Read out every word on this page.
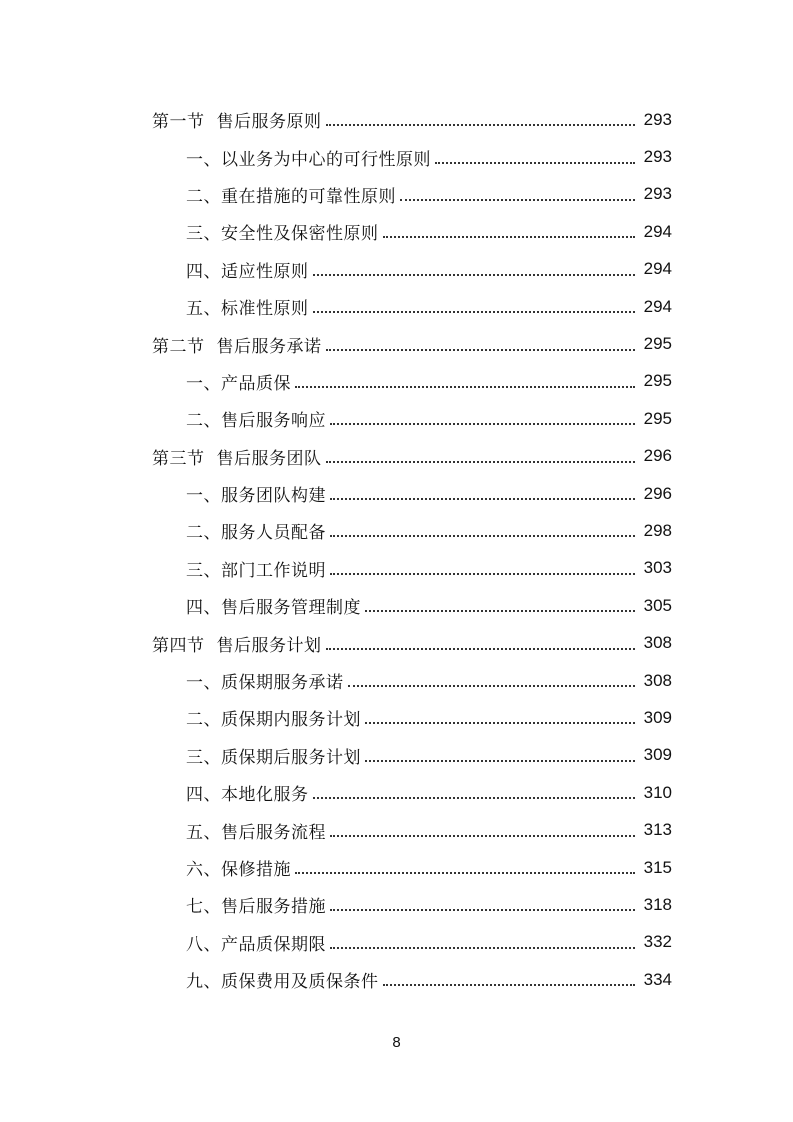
第一节 售后服务原则	293
一、以业务为中心的可行性原则	293
二、重在措施的可靠性原则	293
三、安全性及保密性原则	294
四、适应性原则	294
五、标准性原则	294
第二节 售后服务承诺	295
一、产品质保	295
二、售后服务响应	295
第三节 售后服务团队	296
一、服务团队构建	296
二、服务人员配备	298
三、部门工作说明	303
四、售后服务管理制度	305
第四节 售后服务计划	308
一、质保期服务承诺	308
二、质保期内服务计划	309
三、质保期后服务计划	309
四、本地化服务	310
五、售后服务流程	313
六、保修措施	315
七、售后服务措施	318
八、产品质保期限	332
九、质保费用及质保条件	334
8
